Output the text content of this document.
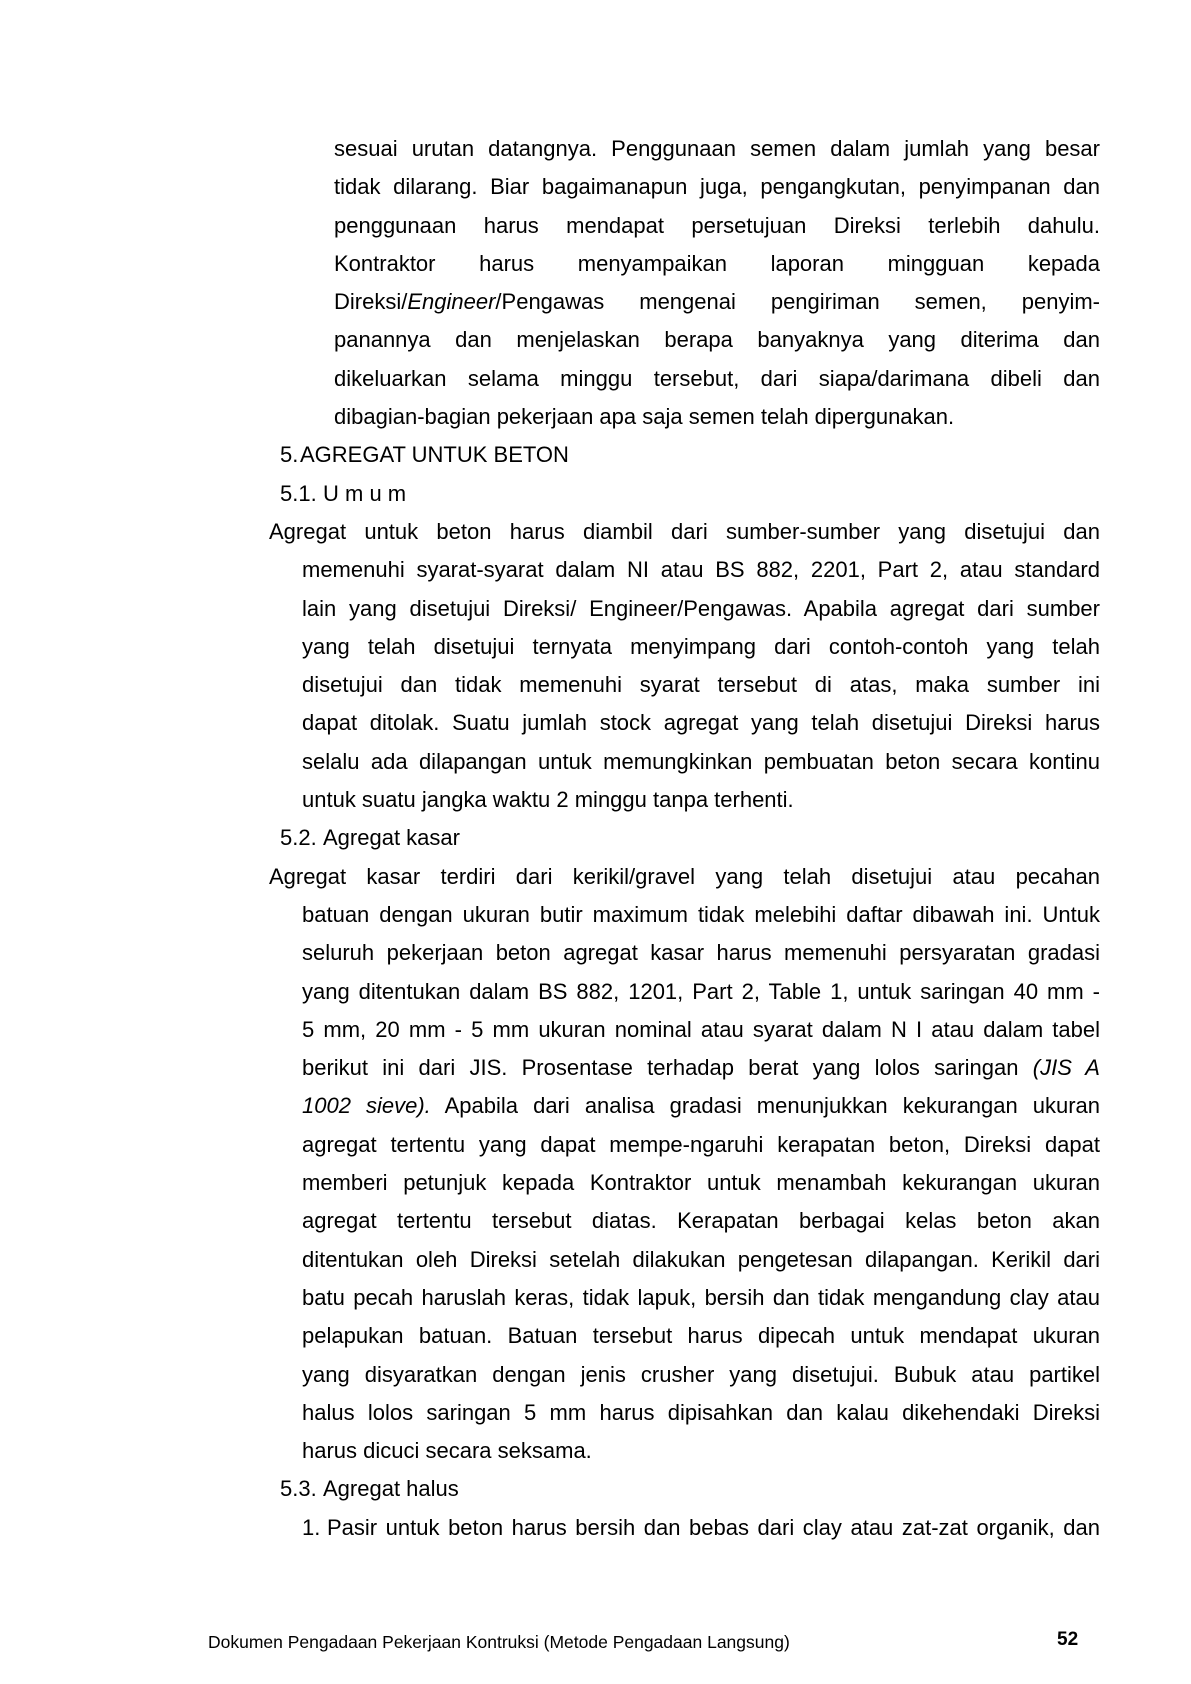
sesuai urutan datangnya. Penggunaan semen dalam jumlah yang besar
tidak dilarang. Biar bagaimanapun juga, pengangkutan, penyimpanan dan
penggunaan harus mendapat persetujuan Direksi terlebih dahulu.
Kontraktor harus menyampaikan laporan mingguan kepada
Direksi/Engineer/Pengawas mengenai pengiriman semen, penyim-
panannya dan menjelaskan berapa banyaknya yang diterima dan
dikeluarkan selama minggu tersebut, dari siapa/darimana dibeli dan
dibagian-bagian pekerjaan apa saja semen telah dipergunakan.
5.AGREGAT UNTUK BETON
5.1. U m u m
Agregat untuk beton harus diambil dari sumber-sumber yang disetujui dan
memenuhi syarat-syarat dalam NI atau BS 882, 2201, Part 2, atau standard
lain yang disetujui Direksi/ Engineer/Pengawas. Apabila agregat dari sumber
yang telah disetujui ternyata menyimpang dari contoh-contoh yang telah
disetujui dan tidak memenuhi syarat tersebut di atas, maka sumber ini
dapat ditolak. Suatu jumlah stock agregat yang telah disetujui Direksi harus
selalu ada dilapangan untuk memungkinkan pembuatan beton secara kontinu
untuk suatu jangka waktu 2 minggu tanpa terhenti.
5.2. Agregat kasar
Agregat kasar terdiri dari kerikil/gravel yang telah disetujui atau pecahan
batuan dengan ukuran butir maximum tidak melebihi daftar dibawah ini. Untuk
seluruh pekerjaan beton agregat kasar harus memenuhi persyaratan gradasi
yang ditentukan dalam BS 882, 1201, Part 2, Table 1, untuk saringan 40 mm -
5 mm, 20 mm - 5 mm ukuran nominal atau syarat dalam N I atau dalam tabel
berikut ini dari JIS. Prosentase terhadap berat yang lolos saringan (JIS A
1002 sieve). Apabila dari analisa gradasi menunjukkan kekurangan ukuran
agregat tertentu yang dapat mempe-ngaruhi kerapatan beton, Direksi dapat
memberi petunjuk kepada Kontraktor untuk menambah kekurangan ukuran
agregat tertentu tersebut diatas. Kerapatan berbagai kelas beton akan
ditentukan oleh Direksi setelah dilakukan pengetesan dilapangan. Kerikil dari
batu pecah haruslah keras, tidak lapuk, bersih dan tidak mengandung clay atau
pelapukan batuan. Batuan tersebut harus dipecah untuk mendapat ukuran
yang disyaratkan dengan jenis crusher yang disetujui. Bubuk atau partikel
halus lolos saringan 5 mm harus dipisahkan dan kalau dikehendaki Direksi
harus dicuci secara seksama.
5.3. Agregat halus
1. Pasir untuk beton harus bersih dan bebas dari clay atau zat-zat organik, dan
Dokumen Pengadaan Pekerjaan Kontruksi (Metode Pengadaan Langsung)	52
